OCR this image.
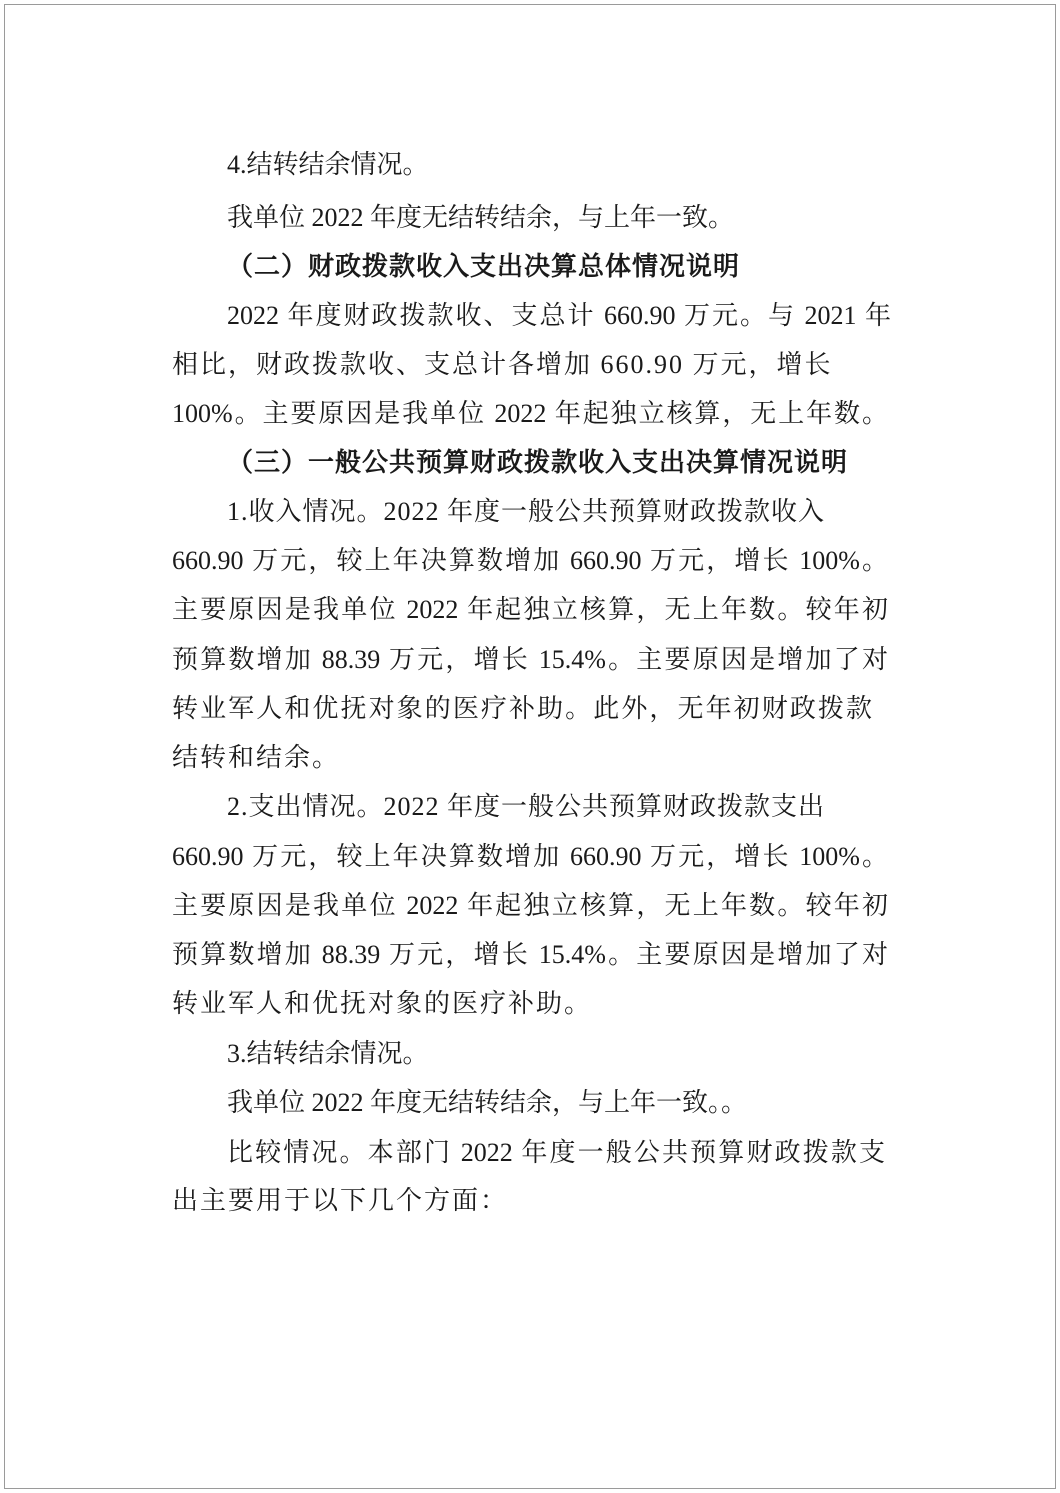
4.结转结余情况。
我单位 2022 年度无结转结余，与上年一致。
（二）财政拨款收入支出决算总体情况说明
2022 年度财政拨款收、支总计 660.90 万元。与 2021 年
相比，财政拨款收、支总计各增加 660.90 万元，增长
100%。主要原因是我单位 2022 年起独立核算，无上年数。
（三）一般公共预算财政拨款收入支出决算情况说明
1.收入情况。2022 年度一般公共预算财政拨款收入
660.90 万元，较上年决算数增加 660.90 万元，增长 100%。
主要原因是我单位 2022 年起独立核算，无上年数。较年初
预算数增加 88.39 万元，增长 15.4%。主要原因是增加了对
转业军人和优抚对象的医疗补助。此外，无年初财政拨款
结转和结余。
2.支出情况。2022 年度一般公共预算财政拨款支出
660.90 万元，较上年决算数增加 660.90 万元，增长 100%。
主要原因是我单位 2022 年起独立核算，无上年数。较年初
预算数增加 88.39 万元，增长 15.4%。主要原因是增加了对
转业军人和优抚对象的医疗补助。
3.结转结余情况。
我单位 2022 年度无结转结余，与上年一致。。
比较情况。本部门 2022 年度一般公共预算财政拨款支
出主要用于以下几个方面：
